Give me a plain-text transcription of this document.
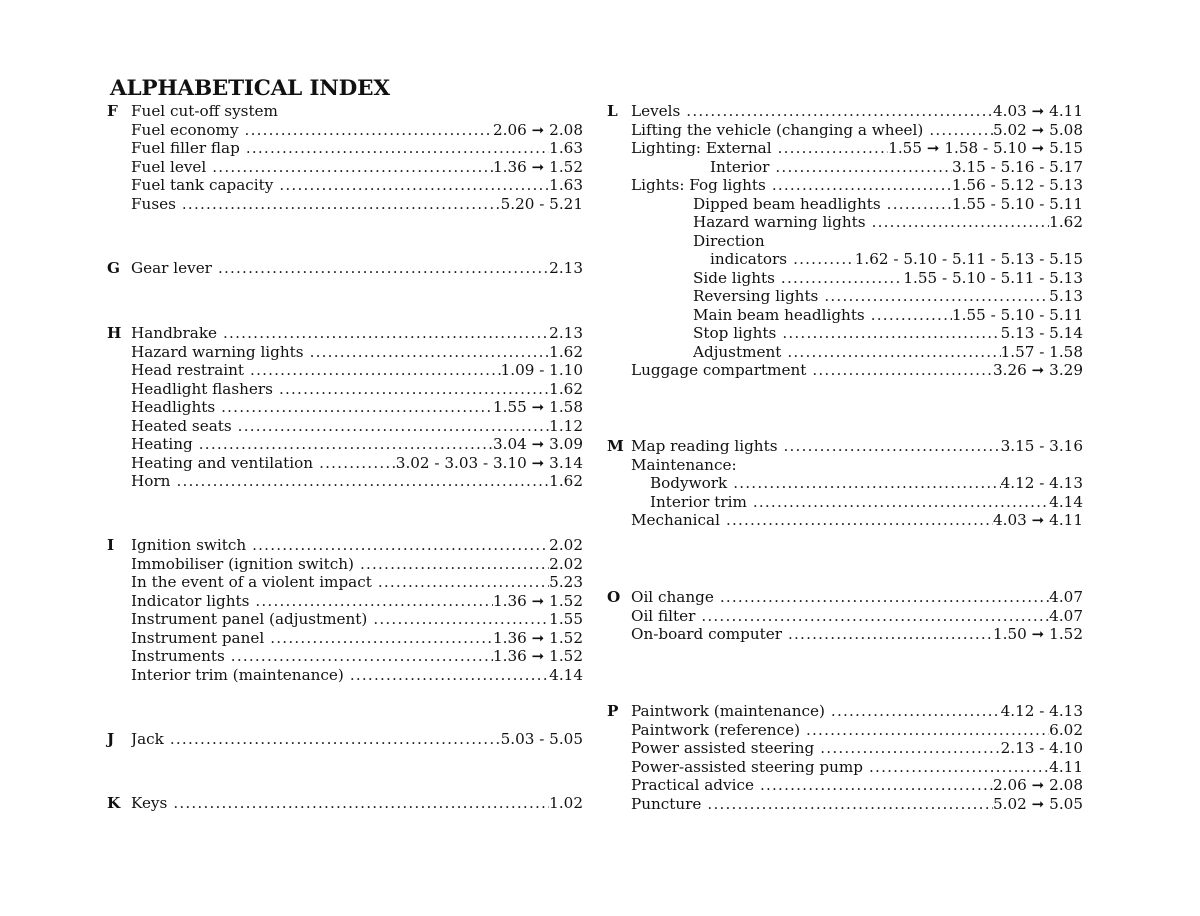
ALPHABETICAL INDEX
F Fuel cut-off system
Fuel economy .....	2.06 ➞ 2.08
Fuel filler flap .....	1.63
Fuel level .....	1.36 ➞ 1.52
Fuel tank capacity .....	1.63
Fuses .....	5.20 - 5.21
G Gear lever .....	2.13
H Handbrake .....	2.13
Hazard warning lights .....	1.62
Head restraint .....	1.09 - 1.10
Headlight flashers .....	1.62
Headlights .....	1.55 ➞ 1.58
Heated seats .....	1.12
Heating .....	3.04 ➞ 3.09
Heating and ventilation .....	3.02 - 3.03 - 3.10 ➞ 3.14
Horn .....	1.62
I	Ignition switch .....	2.02
Immobiliser (ignition switch) .....	2.02
In the event of a violent impact .....	5.23
Indicator lights .....	1.36 ➞ 1.52
Instrument panel (adjustment) .....	1.55
Instrument panel .....	1.36 ➞ 1.52
Instruments .....	1.36 ➞ 1.52
Interior trim (maintenance) .....	4.14
J	Jack .....	5.03 - 5.05
K Keys .....	1.02
L Levels .....	4.03 ➞ 4.11
Lifting the vehicle (changing a wheel) .....	5.02 ➞ 5.08
Lighting: External .....	1.55 ➞ 1.58 - 5.10 ➞ 5.15
Interior .....	3.15 - 5.16 - 5.17
Lights: Fog lights .....	1.56 - 5.12 - 5.13
Dipped beam headlights .....	1.55 - 5.10 - 5.11
Hazard warning lights .....	1.62
Direction
indicators .....	1.62 - 5.10 - 5.11 - 5.13 - 5.15
Side lights .....	1.55 - 5.10 - 5.11 - 5.13
Reversing lights .....	5.13
Main beam headlights .....	1.55 - 5.10 - 5.11
Stop lights .....	5.13 - 5.14
Adjustment .....	1.57 - 1.58
Luggage compartment .....	3.26 ➞ 3.29
M Map reading lights .....	3.15 - 3.16
Maintenance:
Bodywork .....	4.12 - 4.13
Interior trim .....	4.14
Mechanical .....	4.03 ➞ 4.11
O Oil change .....	4.07
Oil filter .....	4.07
On-board computer .....	1.50 ➞ 1.52
P Paintwork (maintenance) .....	4.12 - 4.13
Paintwork (reference) .....	6.02
Power assisted steering .....	2.13 - 4.10
Power-assisted steering pump .....	4.11
Practical advice .....	2.06 ➞ 2.08
Puncture .....	5.02 ➞ 5.05
